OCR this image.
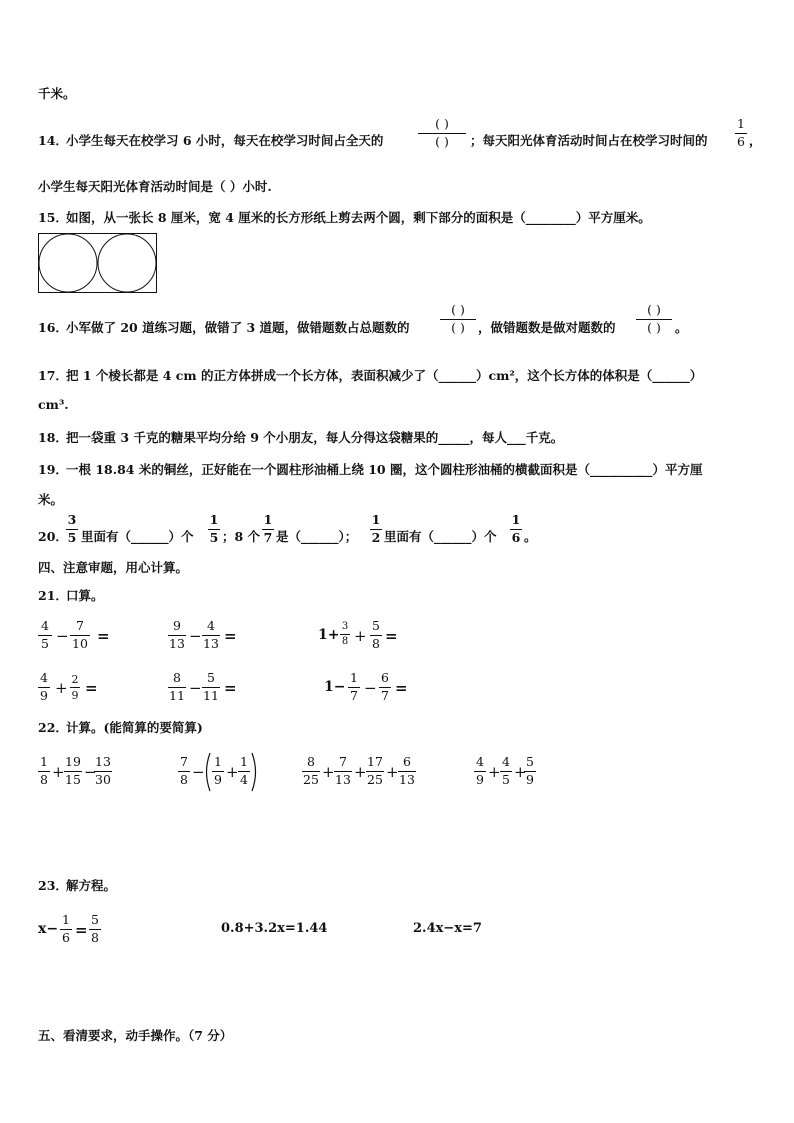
千米。
14．
小学生每天在校学习 6 小时，每天在校学习时间占全天的
( )
( )	；每天阳光体育活动时间占在校学习时间的
1
6 ，
小学生每天阳光体育活动时间是（ ）小时.
15．
如图，从一张长 8 厘米，宽 4 厘米的长方形纸上剪去两个圆，剩下部分的面积是（________）平方厘米。
16．
小军做了 20 道练习题，做错了 3 道题，做错题数占总题数的
( )
( )	，做错题数是做对题数的
( )
( )	。
17．
把 1 个棱长都是 4 cm 的正方体拼成一个长方体，表面积减少了（______）cm²，这个长方体的体积是（______）
cm³.
18．
把一袋重 3 千克的糖果平均分给 9 个小朋友，每人分得这袋糖果的_____，每人___千克。
19．
一根 18.84 米的铜丝，正好能在一个圆柱形油桶上绕 10 圈，这个圆柱形油桶的横截面积是（__________）平方厘
米。
20．
3
5 里面有（______）个
1
5 ；8 个
1
7 是（______）；
1
2 里面有（______）个
1
6 。
四、注意审题，用心计算。
21．
口算。
4
5 −
7
10 =
9
13 −
4
13 =	1+
3
8 +
5
8 =
4
9 + 2
9 =
8
11 −
5
11 =	1−
1
7 −
6
7 =
22．
计算。(能简算的要简算)
1
8 +
19
15 −
13
30
7
8 −
1
9 +
1
4
8
25 +
7
13 +
17
25 +
6
13
4
9 +
4
5 +
5
9
23．
解方程。
x−
1
6 =
5
8
0.8+3.2x=1.44	2.4x−x=7
五、看清要求，动手操作。（7 分）
